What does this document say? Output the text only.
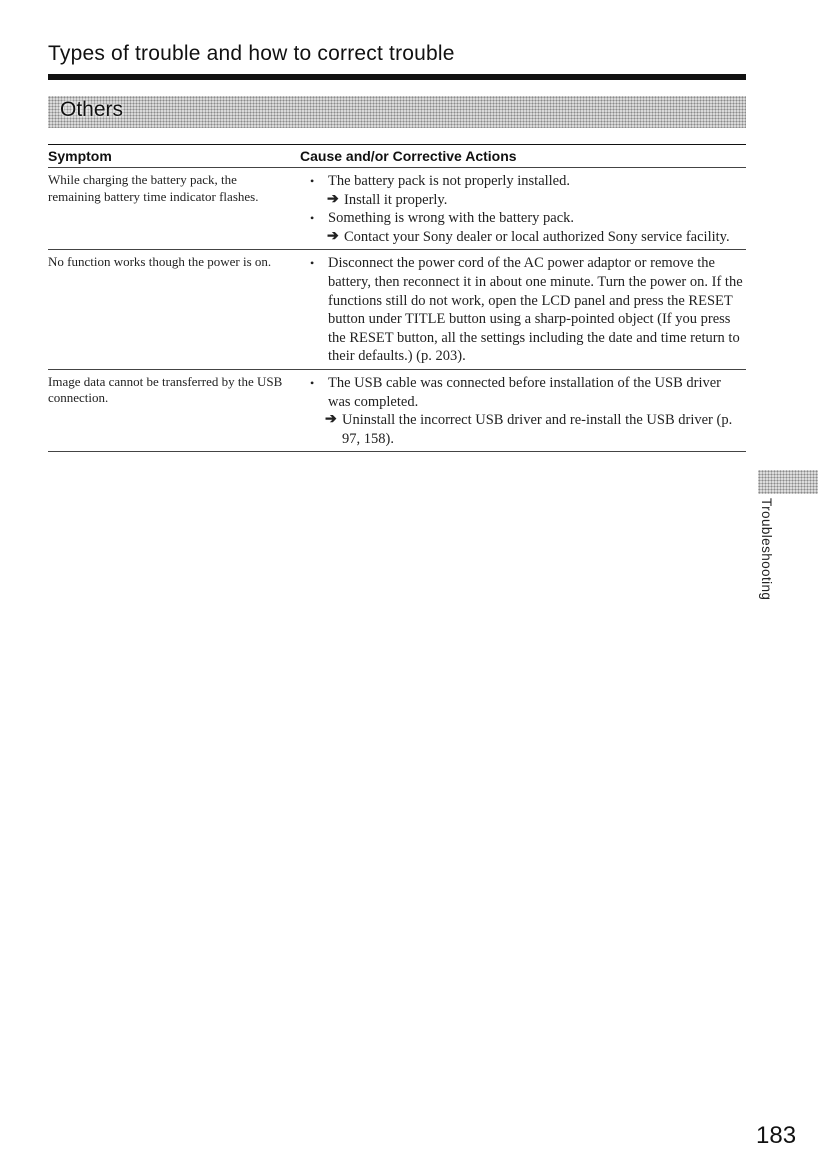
Types of trouble and how to correct trouble
Others
Symptom	Cause and/or Corrective Actions
While charging the battery pack, the remaining battery time indicator flashes.
• The battery pack is not properly installed.
➔ Install it properly.
• Something is wrong with the battery pack.
➔ Contact your Sony dealer or local authorized Sony service facility.
No function works though the power is on.
•	Disconnect the power cord of the AC power adaptor or remove the battery, then reconnect it in about one minute. Turn the power on. If the functions still do not work, open the LCD panel and press the RESET button under TITLE button using a sharp-pointed object (If you press the RESET button, all the settings including the date and time return to their defaults.) (p. 203).
Image data cannot be transferred by the USB connection.
• The USB cable was connected before installation of the USB driver was completed.
➔ Uninstall the incorrect USB driver and re-install the USB driver (p. 97, 158).
Troubleshooting
183
